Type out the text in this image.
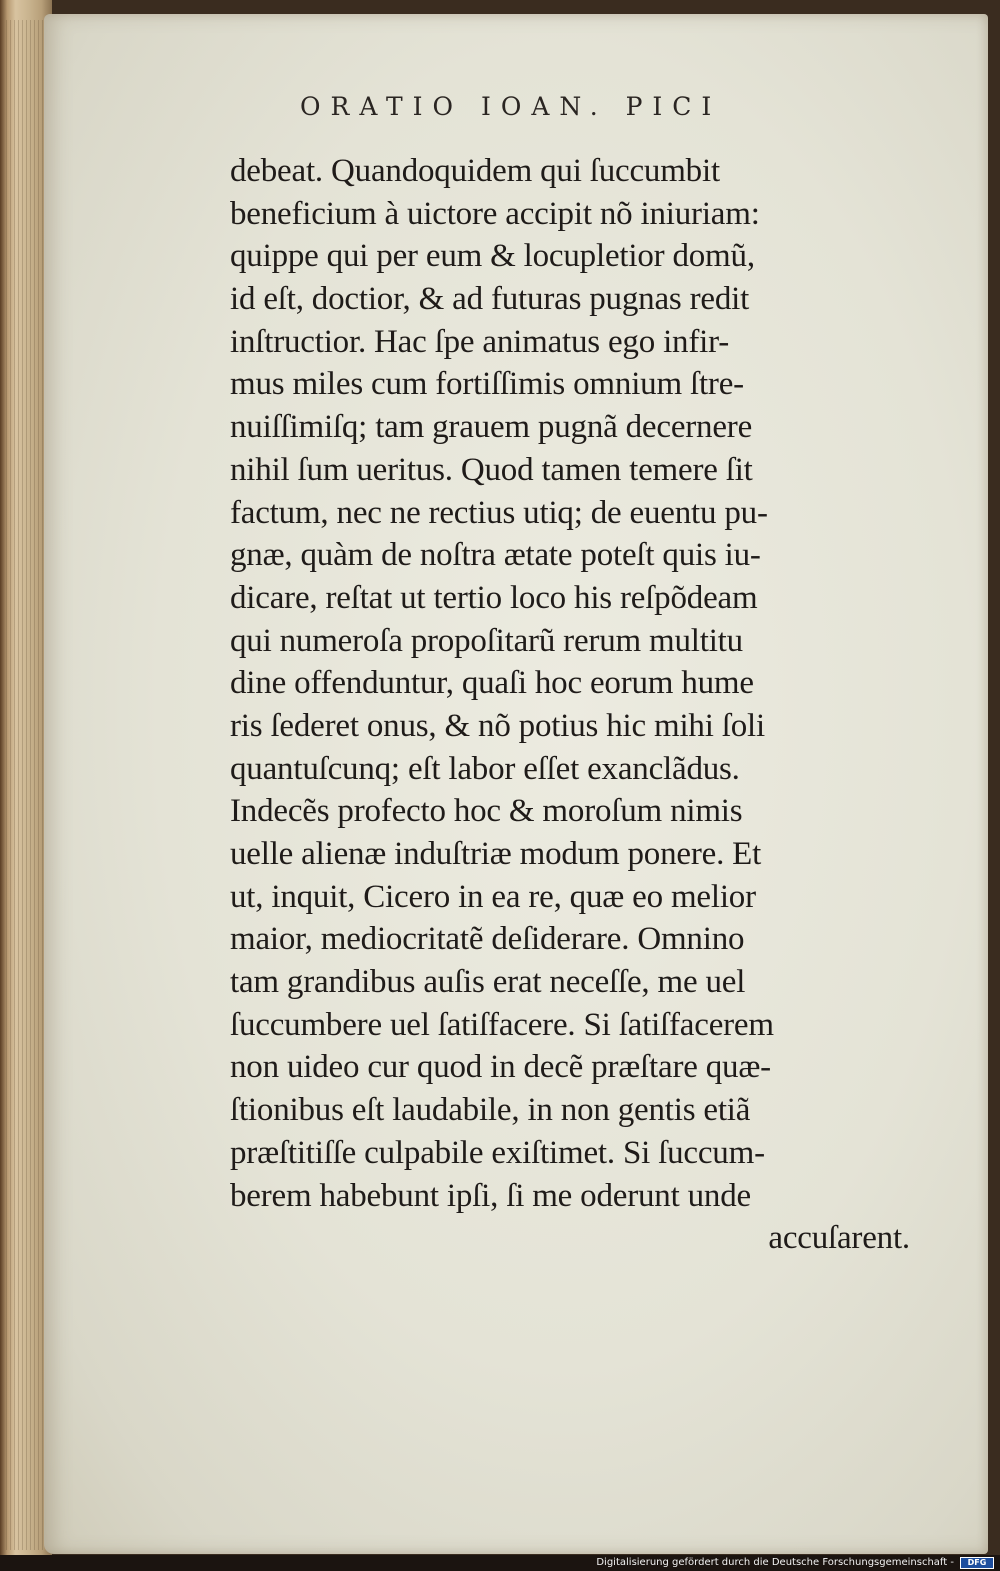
ORATIO IOAN. PICI
debeat. Quandoquidem qui ſuccumbit
beneficium à uictore accipit nõ iniuriam:
quippe qui per eum & locupletior domũ,
id eſt, doctior, & ad futuras pugnas redit
inſtructior. Hac ſpe animatus ego infir-
mus miles cum fortiſſimis omnium ſtre-
nuiſſimiſq; tam grauem pugnã decernere
nihil ſum ueritus. Quod tamen temere ſit
factum, nec ne rectius utiq; de euentu pu-
gnæ, quàm de noſtra ætate poteſt quis iu-
dicare, reſtat ut tertio loco his reſpõdeam
qui numeroſa propoſitarũ rerum multitu
dine offenduntur, quaſi hoc eorum hume
ris ſederet onus, & nõ potius hic mihi ſoli
quantuſcunq; eſt labor eſſet exanclãdus.
Indecẽs profecto hoc & moroſum nimis
uelle alienæ induſtriæ modum ponere. Et
ut, inquit, Cicero in ea re, quæ eo melior
maior, mediocritatẽ deſiderare. Omnino
tam grandibus auſis erat neceſſe, me uel
ſuccumbere uel ſatiſfacere. Si ſatiſfacerem
non uideo cur quod in decẽ præſtare quæ-
ſtionibus eſt laudabile, in non gentis etiã
præſtitiſſe culpabile exiſtimet. Si ſuccum-
berem habebunt ipſi, ſi me oderunt unde
accuſarent.
Digitalisierung gefördert durch die Deutsche Forschungsgemeinschaft -	DFG
